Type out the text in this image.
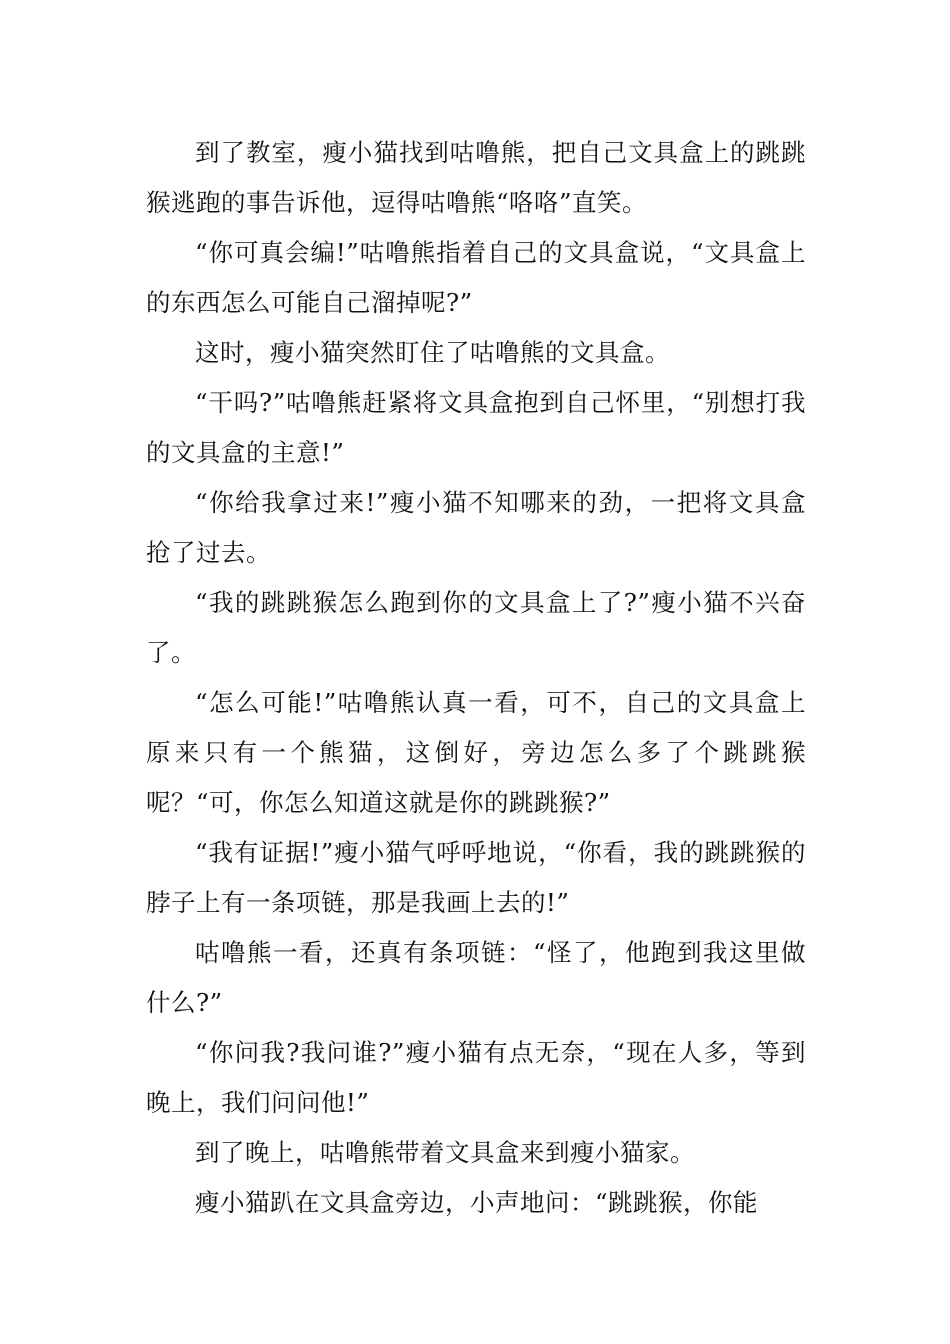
到了教室，瘦小猫找到咕噜熊，把自己文具盒上的跳跳猴逃跑的事告诉他，逗得咕噜熊“咯咯”直笑。

“你可真会编!”咕噜熊指着自己的文具盒说，“文具盒上的东西怎么可能自己溜掉呢?”

这时，瘦小猫突然盯住了咕噜熊的文具盒。

“干吗?”咕噜熊赶紧将文具盒抱到自己怀里，“别想打我的文具盒的主意!”

“你给我拿过来!”瘦小猫不知哪来的劲，一把将文具盒抢了过去。

“我的跳跳猴怎么跑到你的文具盒上了?”瘦小猫不兴奋了。

“怎么可能!”咕噜熊认真一看，可不，自己的文具盒上原来只有一个熊猫，这倒好，旁边怎么多了个跳跳猴呢？“可，你怎么知道这就是你的跳跳猴?”

“我有证据!”瘦小猫气呼呼地说，“你看，我的跳跳猴的脖子上有一条项链，那是我画上去的!”

咕噜熊一看，还真有条项链：“怪了，他跑到我这里做什么?”

“你问我?我问谁?”瘦小猫有点无奈，“现在人多，等到晚上，我们问问他!”

到了晚上，咕噜熊带着文具盒来到瘦小猫家。

瘦小猫趴在文具盒旁边，小声地问：“跳跳猴，你能
